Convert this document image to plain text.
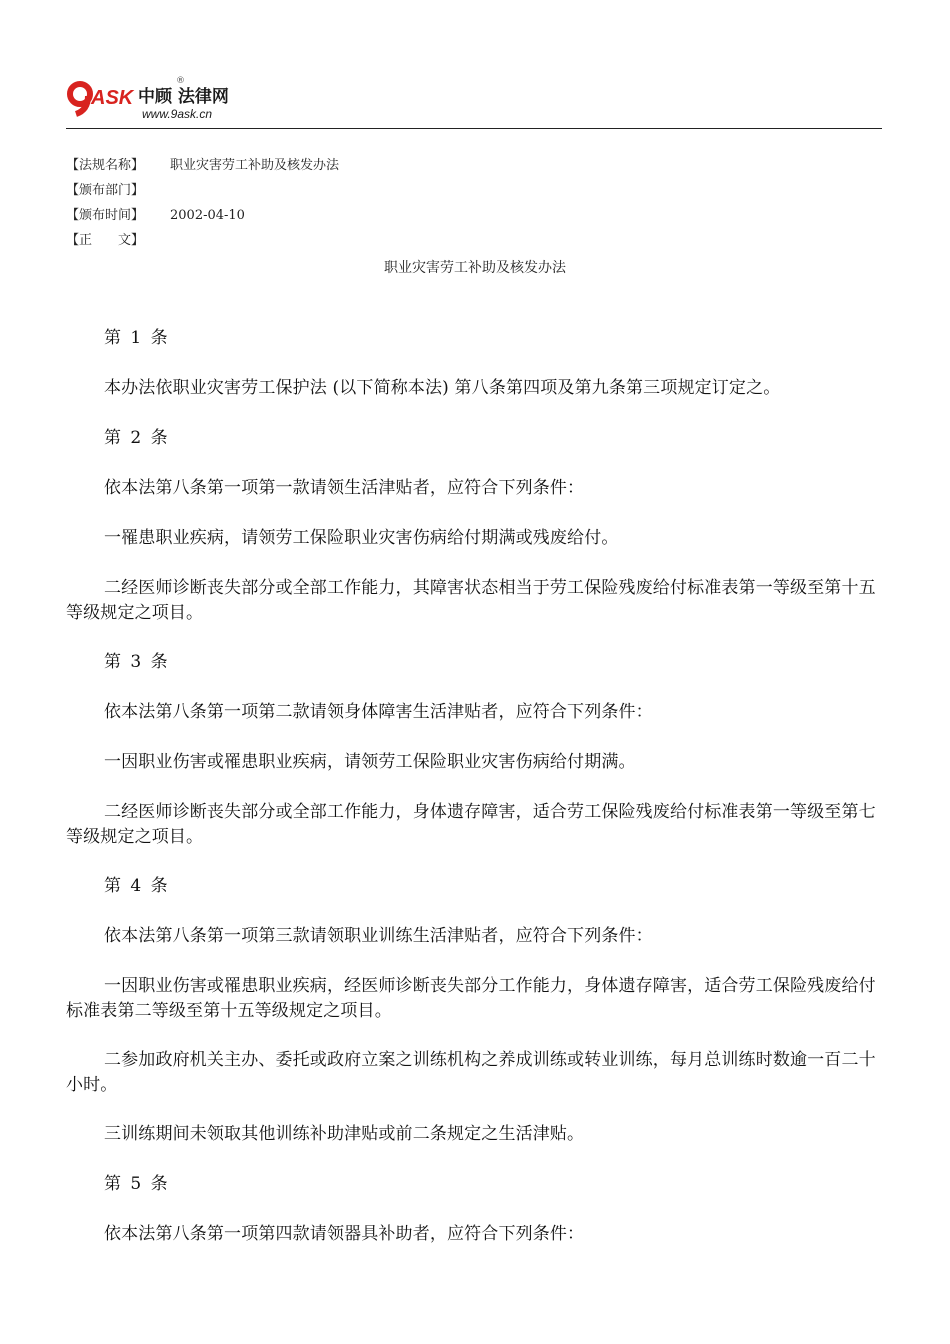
ASK 中顾 法律网
®
www.9ask.cn
【法规名称】 职业灾害劳工补助及核发办法
【颁布部门】
【颁布时间】 2002-04-10
【正　　文】
职业灾害劳工补助及核发办法

第 1 条

本办法依职业灾害劳工保护法 (以下简称本法) 第八条第四项及第九条第三项规定订定之。

第 2 条

依本法第八条第一项第一款请领生活津贴者，应符合下列条件：

一罹患职业疾病，请领劳工保险职业灾害伤病给付期满或残废给付。

二经医师诊断丧失部分或全部工作能力，其障害状态相当于劳工保险残废给付标准表第一等级至第十五等级规定之项目。

第 3 条

依本法第八条第一项第二款请领身体障害生活津贴者，应符合下列条件：

一因职业伤害或罹患职业疾病，请领劳工保险职业灾害伤病给付期满。

二经医师诊断丧失部分或全部工作能力，身体遗存障害，适合劳工保险残废给付标准表第一等级至第七等级规定之项目。

第 4 条

依本法第八条第一项第三款请领职业训练生活津贴者，应符合下列条件：

一因职业伤害或罹患职业疾病，经医师诊断丧失部分工作能力，身体遗存障害，适合劳工保险残废给付标准表第二等级至第十五等级规定之项目。

二参加政府机关主办、委托或政府立案之训练机构之养成训练或转业训练，每月总训练时数逾一百二十小时。

三训练期间未领取其他训练补助津贴或前二条规定之生活津贴。

第 5 条

依本法第八条第一项第四款请领器具补助者，应符合下列条件：
